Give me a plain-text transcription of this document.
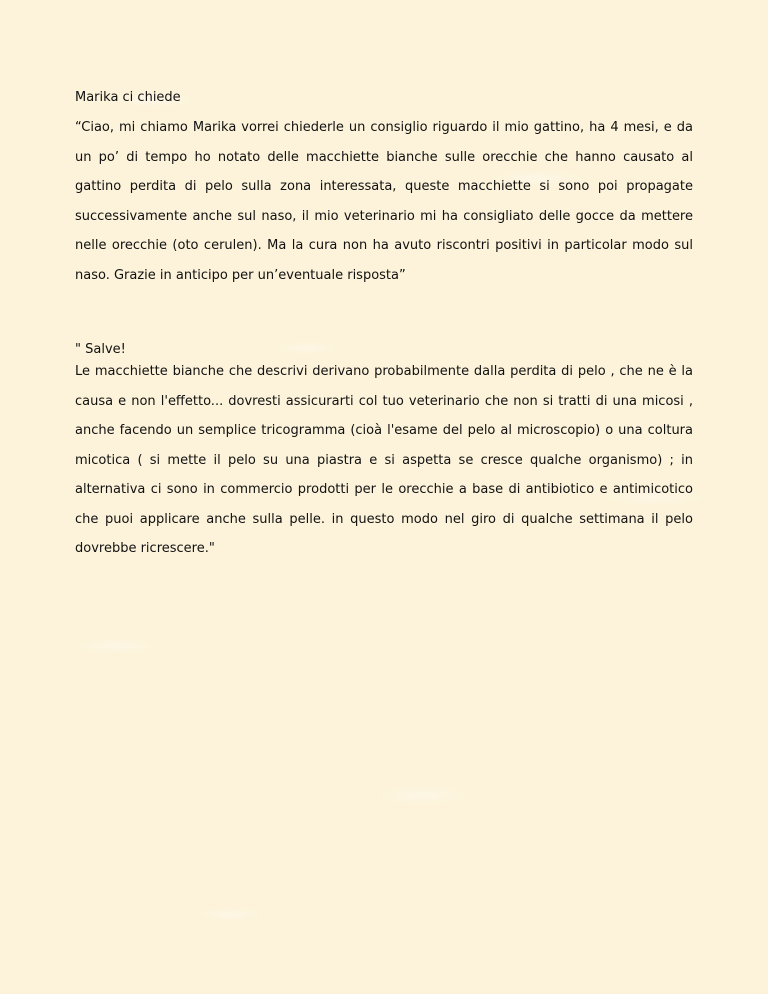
Marika ci chiede
“Ciao, mi chiamo Marika vorrei chiederle un consiglio riguardo il mio gattino, ha 4 mesi, e da un po’ di tempo ho notato delle macchiette bianche sulle orecchie che hanno causato al gattino perdita di pelo sulla zona interessata, queste macchiette si sono poi propagate successivamente anche sul naso, il mio veterinario mi ha consigliato delle gocce da mettere nelle orecchie (oto cerulen). Ma la cura non ha avuto riscontri positivi in particolar modo sul naso. Grazie in anticipo per un’eventuale risposta”
" Salve!
Le macchiette bianche che descrivi derivano probabilmente dalla perdita di pelo , che ne è la causa e non l'effetto... dovresti assicurarti col tuo veterinario che non si tratti di una micosi , anche facendo un semplice tricogramma (cioà l'esame del pelo al microscopio) o una coltura micotica ( si mette il pelo su una piastra e si aspetta se cresce qualche organismo) ; in alternativa ci sono in commercio prodotti per le orecchie a base di antibiotico e antimicotico che puoi applicare anche sulla pelle. in questo modo nel giro di qualche settimana il pelo dovrebbe ricrescere."
